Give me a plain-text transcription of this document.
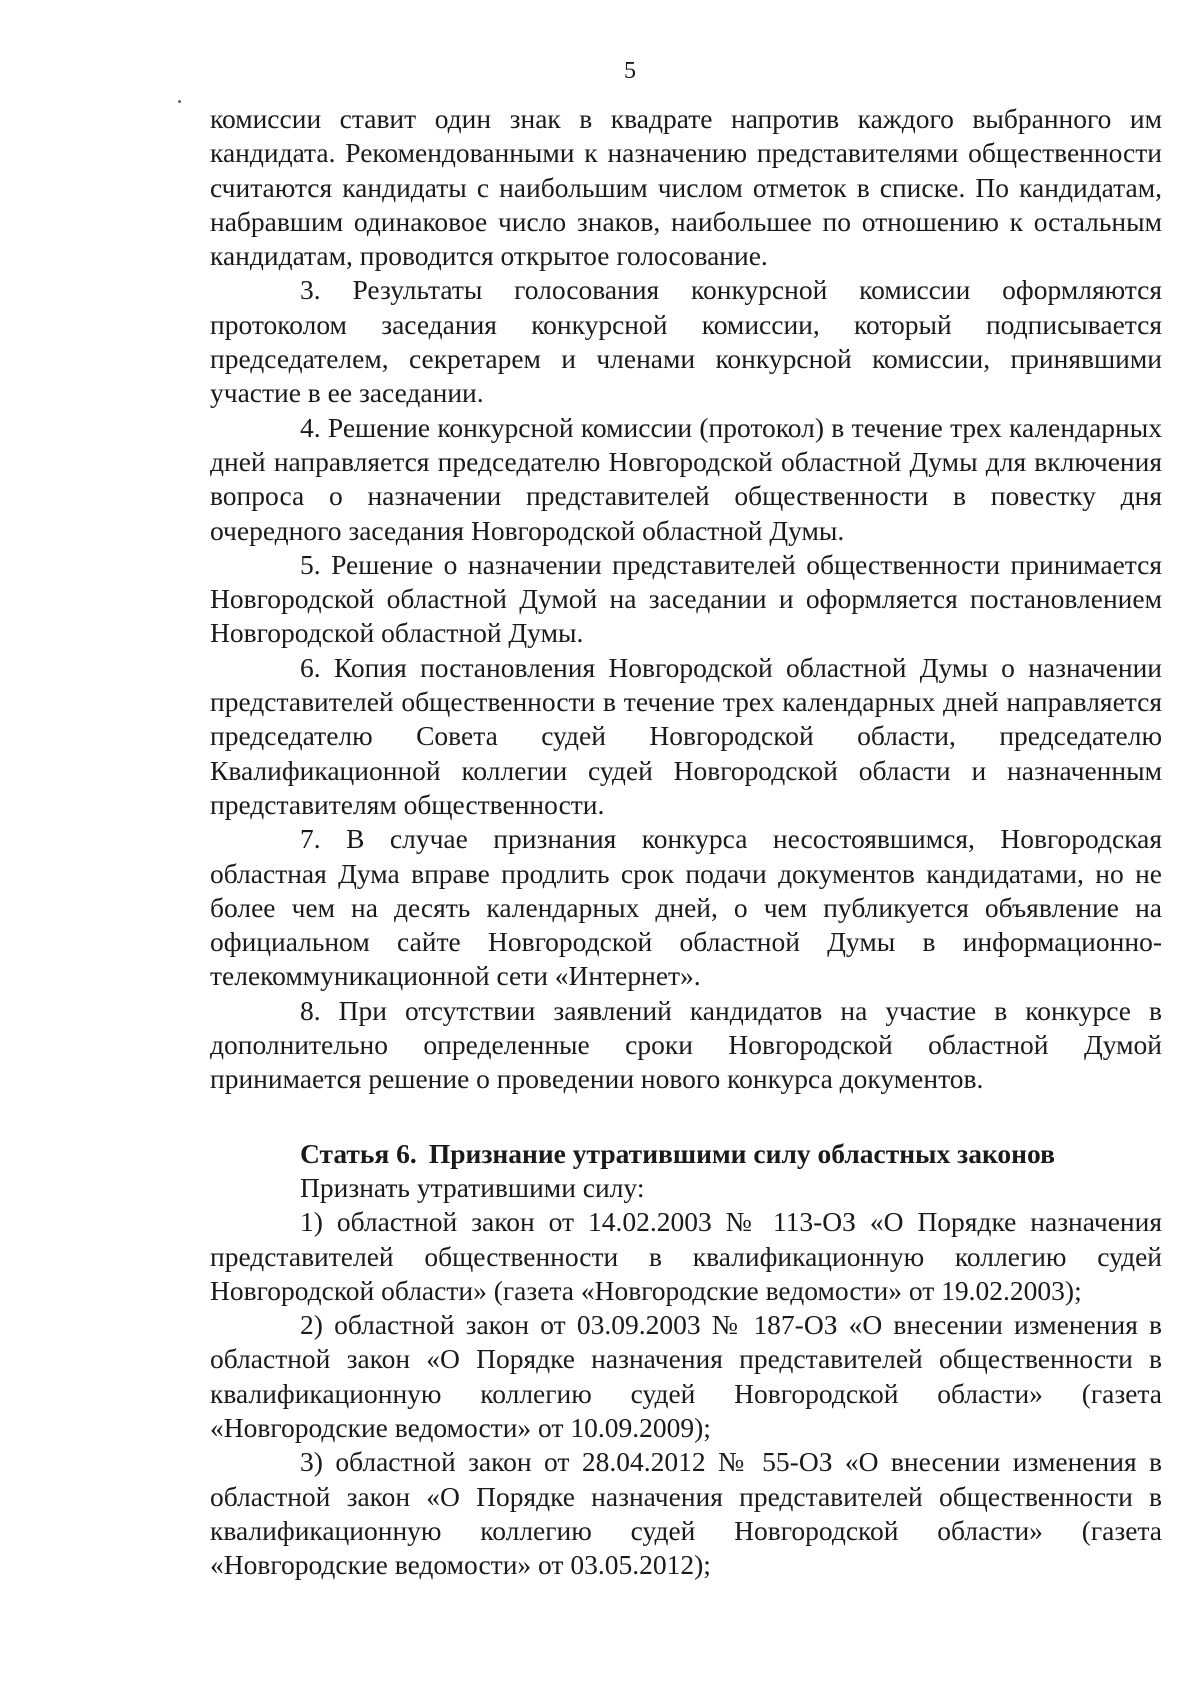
5

комиссии ставит один знак в квадрате напротив каждого выбранного им кандидата. Рекомендованными к назначению представителями общественности считаются кандидаты с наибольшим числом отметок в списке. По кандидатам, набравшим одинаковое число знаков, наибольшее по отношению к остальным кандидатам, проводится открытое голосование.

3. Результаты голосования конкурсной комиссии оформляются протоколом заседания конкурсной комиссии, который подписывается председателем, секретарем и членами конкурсной комиссии, принявшими участие в ее заседании.

4. Решение конкурсной комиссии (протокол) в течение трех календарных дней направляется председателю Новгородской областной Думы для включения вопроса о назначении представителей общественности в повестку дня очередного заседания Новгородской областной Думы.

5. Решение о назначении представителей общественности принимается Новгородской областной Думой на заседании и оформляется постановлением Новгородской областной Думы.

6. Копия постановления Новгородской областной Думы о назначении представителей общественности в течение трех календарных дней направляется председателю Совета судей Новгородской области, председателю Квалификационной коллегии судей Новгородской области и назначенным представителям общественности.

7. В случае признания конкурса несостоявшимся, Новгородская областная Дума вправе продлить срок подачи документов кандидатами, но не более чем на десять календарных дней, о чем публикуется объявление на официальном сайте Новгородской областной Думы в информационно-телекоммуникационной сети «Интернет».

8. При отсутствии заявлений кандидатов на участие в конкурсе в дополнительно определенные сроки Новгородской областной Думой принимается решение о проведении нового конкурса документов.

Статья 6. Признание утратившими силу областных законов

Признать утратившими силу:

1) областной закон от 14.02.2003 № 113-ОЗ «О Порядке назначения представителей общественности в квалификационную коллегию судей Новгородской области» (газета «Новгородские ведомости» от 19.02.2003);

2) областной закон от 03.09.2003 № 187-ОЗ «О внесении изменения в областной закон «О Порядке назначения представителей общественности в квалификационную коллегию судей Новгородской области» (газета «Новгородские ведомости» от 10.09.2009);

3) областной закон от 28.04.2012 № 55-ОЗ «О внесении изменения в областной закон «О Порядке назначения представителей общественности в квалификационную коллегию судей Новгородской области» (газета «Новгородские ведомости» от 03.05.2012);
